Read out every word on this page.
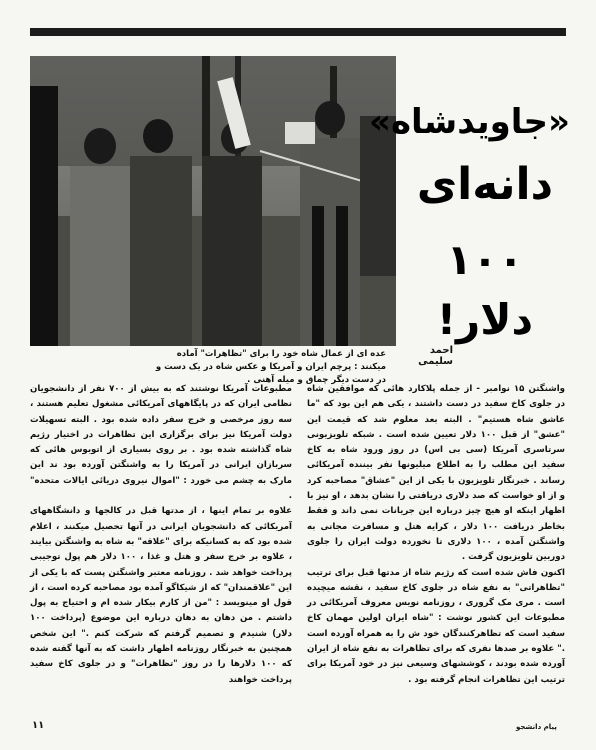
«جاویدشاه»
دانه‌ای
۱۰۰ دلار!
احمد سلیمی
عده ای از عمال شاه خود را برای "تظاهرات" آماده میکنند : پرچم ایران و آمریکا و عکس شاه در یک دست و در دست دیگر چماق و میله آهنی .

واشنگتن ۱۵ نوامبر - از جمله پلاکارد هائی که موافقین شاه در جلوی کاخ سفید در دست داشتند ، یکی هم این بود که "ما عاشق شاه هستیم" . البته بعد معلوم شد که قیمت این "عشق" از قبل ۱۰۰ دلار تعیین شده است . شبکه تلویزیونی سرتاسری آمریکا (سی بی اس) در روز ورود شاه به کاخ سفید این مطلب را به اطلاع میلیونها نفر بیننده آمریکائی رساند . خبرنگار تلویزیون با یکی از این "عشاق" مصاحبه کرد و از او خواست که صد دلاری دریافتی را نشان بدهد ، او نیز با اظهار اینکه او هیچ چیز درباره این جریانات نمی داند و فقط بخاطر دریافت ۱۰۰ دلار ، کرایه هتل و مسافرت مجانی به واشنگتن آمده ، ۱۰۰ دلاری تا نخورده دولت ایران را جلوی دوربین تلویزیون گرفت .

اکنون فاش شده است که رژیم شاه از مدتها قبل برای ترتیب "تظاهراتی" به نفع شاه در جلوی کاخ سفید ، نقشه میچیده است . مری مک گروری ، روزنامه نویس معروف آمریکائی در مطبوعات این کشور نوشت : "شاه ایران اولین مهمان کاخ سفید است که تظاهرکنندگان خود ش را به همراه آورده است ." علاوه بر صدها نفری که برای تظاهرات به نفع شاه از ایران آورده شده بودند ، کوششهای وسیعی نیز در خود آمریکا برای ترتیب این تظاهرات انجام گرفته بود .

مطبوعات آمریکا نوشتند که به بیش از ۷۰۰ نفر از دانشجویان نظامی ایران که در پایگاههای آمریکائی مشغول تعلیم هستند ، سه روز مرخصی و خرج سفر داده شده بود . البته تسهیلات دولت آمریکا نیز برای برگزاری این تظاهرات در اختیار رژیم شاه گذاشته شده بود . بر روی بسیاری از اتوبوس هائی که سربازان ایرانی در آمریکا را به واشنگتن آورده بود ند این مارک به چشم می خورد : "اموال نیروی دریائی ایالات متحده" .

علاوه بر تمام اینها ، از مدتها قبل در کالجها و دانشگاههای آمریکائی که دانشجویان ایرانی در آنها تحصیل میکنند ، اعلام شده بود که به کسانیکه برای "علاقه" به شاه به واشنگتن بیایند ، علاوه بر خرج سفر و هتل و غذا ، ۱۰۰ دلار هم پول توجیبی پرداخت خواهد شد . روزنامه معتبر واشنگتن پست که با یکی از این "علاقمندان" که از شیکاگو آمده بود مصاحبه کرده است ، از قول او مینویسد : "من از کارم بیکار شده ام و احتیاج به پول داشتم . من دهان به دهان درباره این موضوع (پرداخت ۱۰۰ دلار) شنیدم و تصمیم گرفتم که شرکت کنم ." این شخص همچنین به خبرنگار روزنامه اظهار داشت که به آنها گفته شده که ۱۰۰ دلارها را در روز "تظاهرات" و در جلوی کاخ سفید پرداخت خواهند

۱۱	پیام دانشجو
